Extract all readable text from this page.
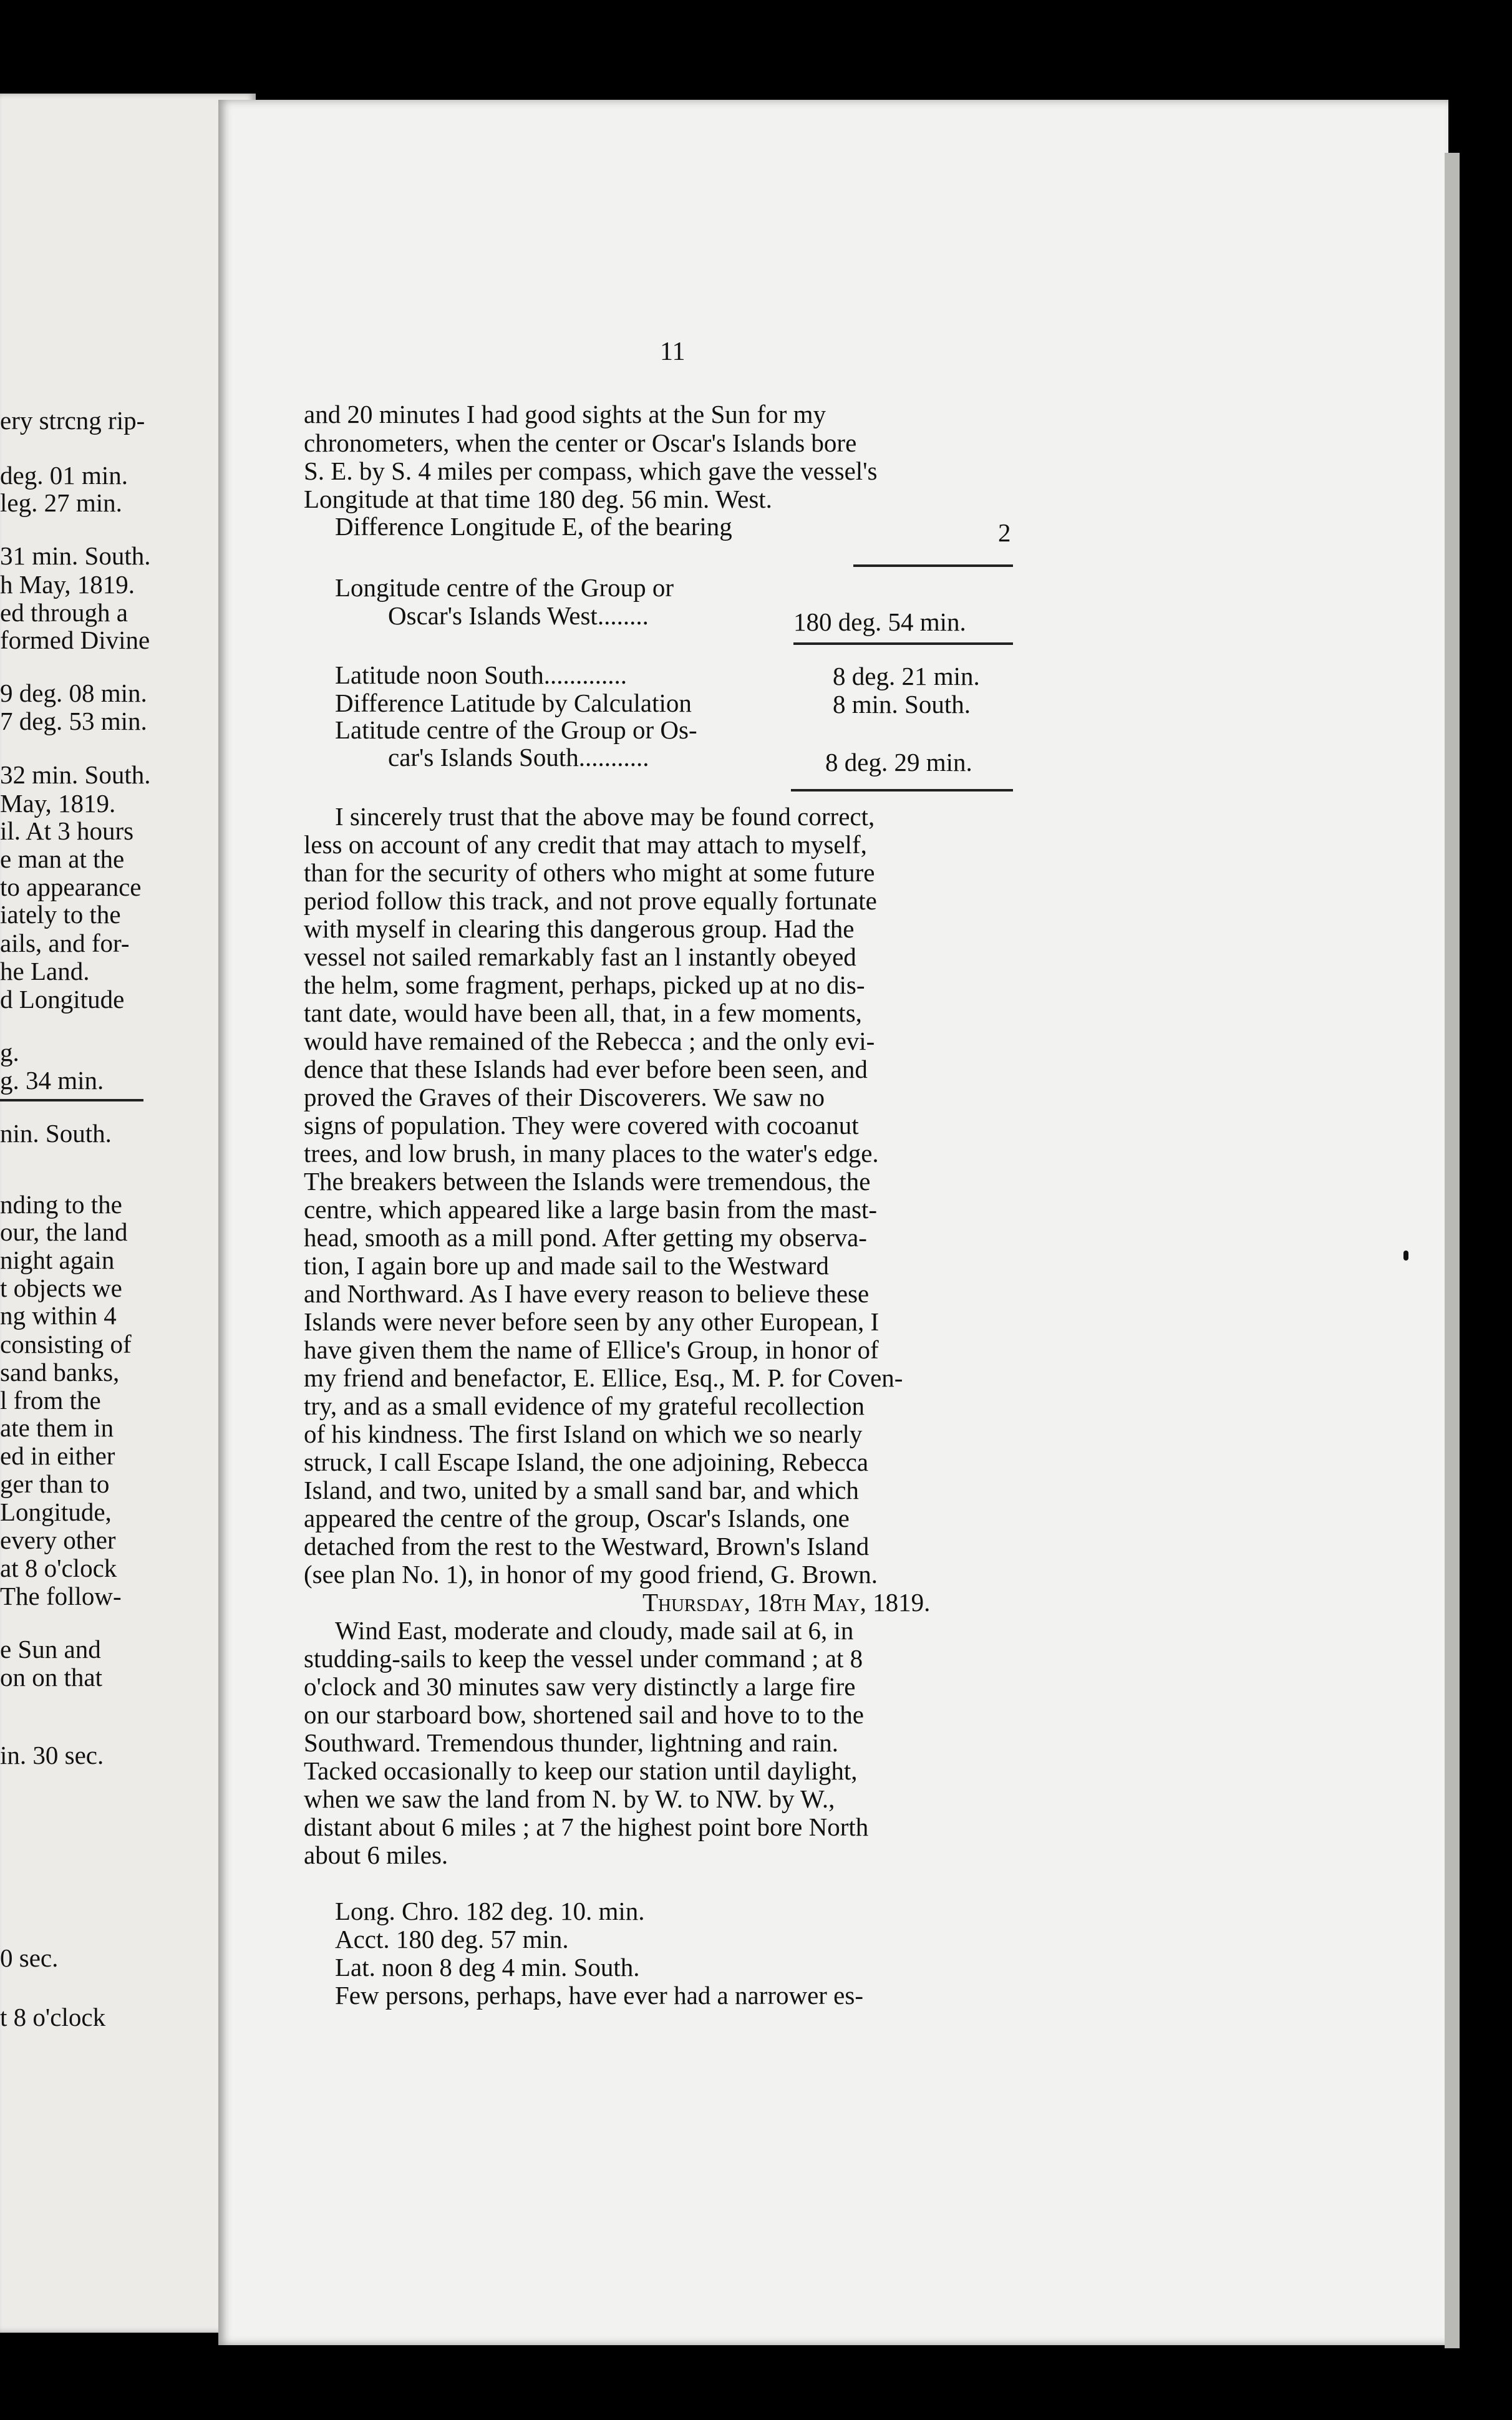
ery strcng rip-
deg. 01 min.
leg. 27 min.
31 min. South.
h May, 1819.
ed through a
formed Divine
9 deg. 08 min.
7 deg. 53 min.
32 min. South.
May, 1819.
il. At 3 hours
e man at the
to appearance
iately to the
ails, and for-
he Land.
d Longitude
g.
g. 34 min.
nin. South.
nding to the
our, the land
night again
t objects we
ng within 4
consisting of
sand banks,
l from the
ate them in
ed in either
ger than to
Longitude,
every other
at 8 o'clock
The follow-
e Sun and
on on that
in. 30 sec.
0 sec.
t 8 o'clock
11
and 20 minutes I had good sights at the Sun for my
chronometers, when the center or Oscar's Islands bore
S. E. by S. 4 miles per compass, which gave the vessel's
Longitude at that time 180 deg. 56 min. West.
Difference Longitude E, of the bearing	2
Longitude centre of the Group or
Oscar's Islands West........	180 deg. 54 min.
Latitude noon South.............	8 deg. 21 min.
Difference Latitude by Calculation	8 min. South.
Latitude centre of the Group or Os-
car's Islands South...........	8 deg. 29 min.
I sincerely trust that the above may be found correct,
less on account of any credit that may attach to myself,
than for the security of others who might at some future
period follow this track, and not prove equally fortunate
with myself in clearing this dangerous group. Had the
vessel not sailed remarkably fast an l instantly obeyed
the helm, some fragment, perhaps, picked up at no dis-
tant date, would have been all, that, in a few moments,
would have remained of the Rebecca ; and the only evi-
dence that these Islands had ever before been seen, and
proved the Graves of their Discoverers. We saw no
signs of population. They were covered with cocoanut
trees, and low brush, in many places to the water's edge.
The breakers between the Islands were tremendous, the
centre, which appeared like a large basin from the mast-
head, smooth as a mill pond. After getting my observa-
tion, I again bore up and made sail to the Westward
and Northward. As I have every reason to believe these
Islands were never before seen by any other European, I
have given them the name of Ellice's Group, in honor of
my friend and benefactor, E. Ellice, Esq., M. P. for Coven-
try, and as a small evidence of my grateful recollection
of his kindness. The first Island on which we so nearly
struck, I call Escape Island, the one adjoining, Rebecca
Island, and two, united by a small sand bar, and which
appeared the centre of the group, Oscar's Islands, one
detached from the rest to the Westward, Brown's Island
(see plan No. 1), in honor of my good friend, G. Brown.
Thursday, 18th May, 1819.
Wind East, moderate and cloudy, made sail at 6, in
studding-sails to keep the vessel under command ; at 8
o'clock and 30 minutes saw very distinctly a large fire
on our starboard bow, shortened sail and hove to to the
Southward. Tremendous thunder, lightning and rain.
Tacked occasionally to keep our station until daylight,
when we saw the land from N. by W. to NW. by W.,
distant about 6 miles ; at 7 the highest point bore North
about 6 miles.
Long. Chro. 182 deg. 10. min.
Acct. 180 deg. 57 min.
Lat. noon 8 deg 4 min. South.
Few persons, perhaps, have ever had a narrower es-
